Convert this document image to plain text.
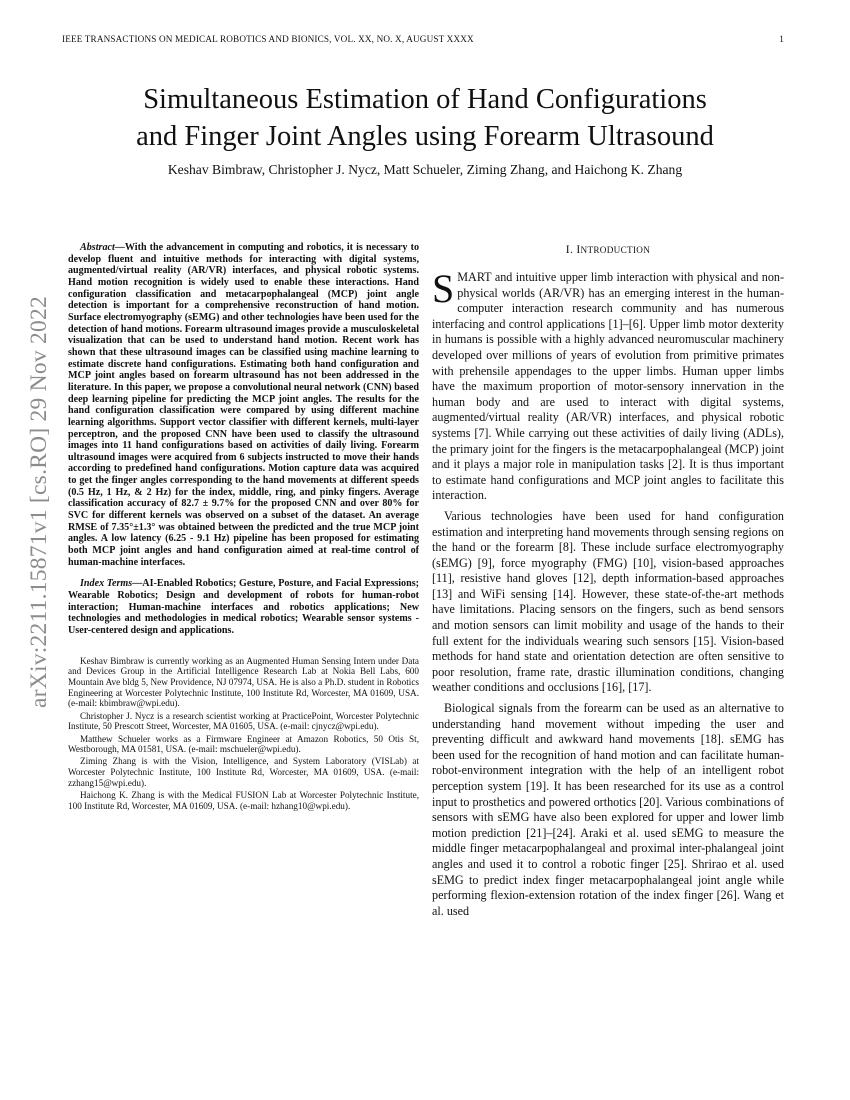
IEEE TRANSACTIONS ON MEDICAL ROBOTICS AND BIONICS, VOL. XX, NO. X, AUGUST XXXX	1
arXiv:2211.15871v1 [cs.RO] 29 Nov 2022
Simultaneous Estimation of Hand Configurations
and Finger Joint Angles using Forearm Ultrasound
Keshav Bimbraw, Christopher J. Nycz, Matt Schueler, Ziming Zhang, and Haichong K. Zhang

Abstract—With the advancement in computing and robotics, it is necessary to develop fluent and intuitive methods for interacting with digital systems, augmented/virtual reality (AR/VR) interfaces, and physical robotic systems. Hand motion recognition is widely used to enable these interactions. Hand configuration classification and metacarpophalangeal (MCP) joint angle detection is important for a comprehensive reconstruction of hand motion. Surface electromyography (sEMG) and other technologies have been used for the detection of hand motions. Forearm ultrasound images provide a musculoskeletal visualization that can be used to understand hand motion. Recent work has shown that these ultrasound images can be classified using machine learning to estimate discrete hand configurations. Estimating both hand configuration and MCP joint angles based on forearm ultrasound has not been addressed in the literature. In this paper, we propose a convolutional neural network (CNN) based deep learning pipeline for predicting the MCP joint angles. The results for the hand configuration classification were compared by using different machine learning algorithms. Support vector classifier with different kernels, multi-layer perceptron, and the proposed CNN have been used to classify the ultrasound images into 11 hand configurations based on activities of daily living. Forearm ultrasound images were acquired from 6 subjects instructed to move their hands according to predefined hand configurations. Motion capture data was acquired to get the finger angles corresponding to the hand movements at different speeds (0.5 Hz, 1 Hz, & 2 Hz) for the index, middle, ring, and pinky fingers. Average classification accuracy of 82.7 ± 9.7% for the proposed CNN and over 80% for SVC for different kernels was observed on a subset of the dataset. An average RMSE of 7.35°±1.3° was obtained between the predicted and the true MCP joint angles. A low latency (6.25 - 9.1 Hz) pipeline has been proposed for estimating both MCP joint angles and hand configuration aimed at real-time control of human-machine interfaces.

Index Terms—AI-Enabled Robotics; Gesture, Posture, and Facial Expressions; Wearable Robotics; Design and development of robots for human-robot interaction; Human-machine interfaces and robotics applications; New technologies and methodologies in medical robotics; Wearable sensor systems - User-centered design and applications.

Keshav Bimbraw is currently working as an Augmented Human Sensing Intern under Data and Devices Group in the Artificial Intelligence Research Lab at Nokia Bell Labs, 600 Mountain Ave bldg 5, New Providence, NJ 07974, USA. He is also a Ph.D. student in Robotics Engineering at Worcester Polytechnic Institute, 100 Institute Rd, Worcester, MA 01609, USA. (e-mail: kbimbraw@wpi.edu).

Christopher J. Nycz is a research scientist working at PracticePoint, Worcester Polytechnic Institute, 50 Prescott Street, Worcester, MA 01605, USA. (e-mail: cjnycz@wpi.edu).

Matthew Schueler works as a Firmware Engineer at Amazon Robotics, 50 Otis St, Westborough, MA 01581, USA. (e-mail: mschueler@wpi.edu).

Ziming Zhang is with the Vision, Intelligence, and System Laboratory (VISLab) at Worcester Polytechnic Institute, 100 Institute Rd, Worcester, MA 01609, USA. (e-mail: zzhang15@wpi.edu).

Haichong K. Zhang is with the Medical FUSION Lab at Worcester Polytechnic Institute, 100 Institute Rd, Worcester, MA 01609, USA. (e-mail: hzhang10@wpi.edu).

I. INTRODUCTION

SMART and intuitive upper limb interaction with physical and non-physical worlds (AR/VR) has an emerging interest in the human-computer interaction research community and has numerous interfacing and control applications [1]–[6]. Upper limb motor dexterity in humans is possible with a highly advanced neuromuscular machinery developed over millions of years of evolution from primitive primates with prehensile appendages to the upper limbs. Human upper limbs have the maximum proportion of motor-sensory innervation in the human body and are used to interact with digital systems, augmented/virtual reality (AR/VR) interfaces, and physical robotic systems [7]. While carrying out these activities of daily living (ADLs), the primary joint for the fingers is the metacarpophalangeal (MCP) joint and it plays a major role in manipulation tasks [2]. It is thus important to estimate hand configurations and MCP joint angles to facilitate this interaction.

Various technologies have been used for hand configuration estimation and interpreting hand movements through sensing regions on the hand or the forearm [8]. These include surface electromyography (sEMG) [9], force myography (FMG) [10], vision-based approaches [11], resistive hand gloves [12], depth information-based approaches [13] and WiFi sensing [14]. However, these state-of-the-art methods have limitations. Placing sensors on the fingers, such as bend sensors and motion sensors can limit mobility and usage of the hands to their full extent for the individuals wearing such sensors [15]. Vision-based methods for hand state and orientation detection are often sensitive to poor resolution, frame rate, drastic illumination conditions, changing weather conditions and occlusions [16], [17].

Biological signals from the forearm can be used as an alternative to understanding hand movement without impeding the user and preventing difficult and awkward hand movements [18]. sEMG has been used for the recognition of hand motion and can facilitate human-robot-environment integration with the help of an intelligent robot perception system [19]. It has been researched for its use as a control input to prosthetics and powered orthotics [20]. Various combinations of sensors with sEMG have also been explored for upper and lower limb motion prediction [21]–[24]. Araki et al. used sEMG to measure the middle finger metacarpophalangeal and proximal inter-phalangeal joint angles and used it to control a robotic finger [25]. Shrirao et al. used sEMG to predict index finger metacarpophalangeal joint angle while performing flexion-extension rotation of the index finger [26]. Wang et al. used
